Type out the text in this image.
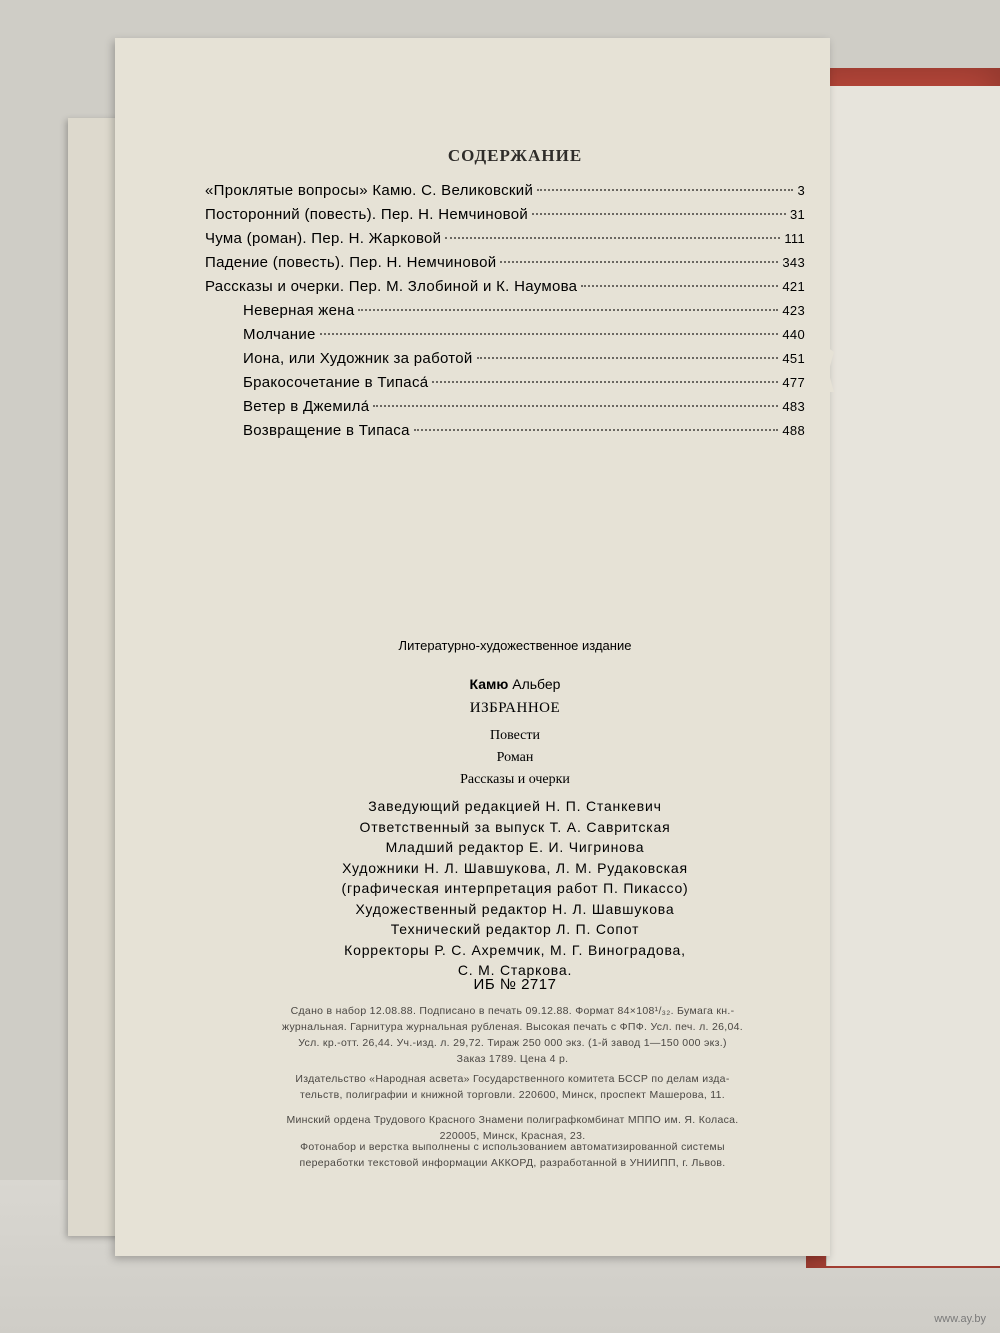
СОДЕРЖАНИЕ
«Проклятые вопросы» Камю. С. Великовский	3
Посторонний (повесть). Пер. Н. Немчиновой	31
Чума (роман). Пер. Н. Жарковой	111
Падение (повесть). Пер. Н. Немчиновой	343
Рассказы и очерки. Пер. М. Злобиной и К. Наумова	421
Неверная жена	423
Молчание	440
Иона, или Художник за работой	451
Бракосочетание в Типаса́	477
Ветер в Джемила́	483
Возвращение в Типаса	488
Литературно-художественное издание
Камю Альбер
ИЗБРАННОЕ
Повести
Роман
Рассказы и очерки
Заведующий редакцией Н. П. Станкевич
Ответственный за выпуск Т. А. Савритская
Младший редактор Е. И. Чигринова
Художники Н. Л. Шавшукова, Л. М. Рудаковская
(графическая интерпретация работ П. Пикассо)
Художественный редактор Н. Л. Шавшукова
Технический редактор Л. П. Сопот
Корректоры Р. С. Ахремчик, М. Г. Виноградова,
С. М. Старкова.
ИБ № 2717
Сдано в набор 12.08.88. Подписано в печать 09.12.88. Формат 84×108¹/₃₂. Бумага кн.-
журнальная. Гарнитура журнальная рубленая. Высокая печать с ФПФ. Усл. печ. л. 26,04.
Усл. кр.-отт. 26,44. Уч.-изд. л. 29,72. Тираж 250 000 экз. (1-й завод 1—150 000 экз.)
Заказ 1789. Цена 4 р.
Издательство «Народная асвета» Государственного комитета БССР по делам изда-
тельств, полиграфии и книжной торговли. 220600, Минск, проспект Машерова, 11.
Минский ордена Трудового Красного Знамени полиграфкомбинат МППО им. Я. Коласа.
220005, Минск, Красная, 23.
Фотонабор и верстка выполнены с использованием автоматизированной системы
переработки текстовой информации АККОРД, разработанной в УНИИПП, г. Львов.
www.ay.by
